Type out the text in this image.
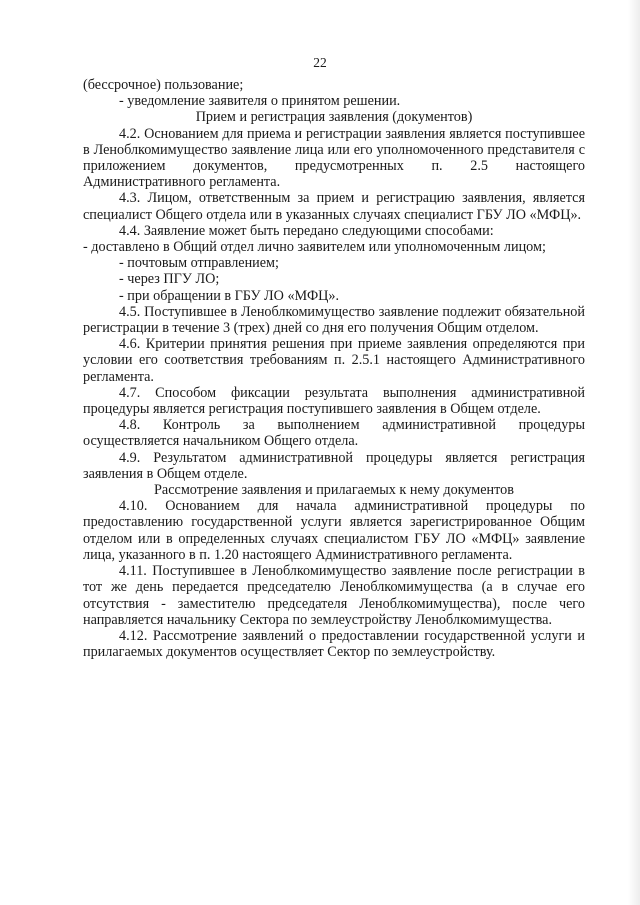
22

(бессрочное) пользование;

- уведомление заявителя о принятом решении.

Прием и регистрация заявления (документов)

4.2. Основанием для приема и регистрации заявления является поступившее в Леноблкомимущество заявление лица или его уполномоченного представителя с приложением документов, предусмотренных п. 2.5 настоящего Административного регламента.

4.3. Лицом, ответственным за прием и регистрацию заявления, является специалист Общего отдела или в указанных случаях специалист ГБУ ЛО «МФЦ».

4.4. Заявление может быть передано следующими способами:

- доставлено в Общий отдел лично заявителем или уполномоченным лицом;

- почтовым отправлением;

- через ПГУ ЛО;

- при обращении в ГБУ ЛО «МФЦ».

4.5. Поступившее в Леноблкомимущество заявление подлежит обязательной регистрации в течение 3 (трех) дней со дня его получения Общим отделом.

4.6. Критерии принятия решения при приеме заявления определяются при условии его соответствия требованиям п. 2.5.1 настоящего Административного регламента.

4.7. Способом фиксации результата выполнения административной процедуры является регистрация поступившего заявления в Общем отделе.

4.8. Контроль за выполнением административной процедуры осуществляется начальником Общего отдела.

4.9. Результатом административной процедуры является регистрация заявления в Общем отделе.

Рассмотрение заявления и прилагаемых к нему документов

4.10. Основанием для начала административной процедуры по предоставлению государственной услуги является зарегистрированное Общим отделом или в определенных случаях специалистом ГБУ ЛО «МФЦ» заявление лица, указанного в п. 1.20 настоящего Административного регламента.

4.11. Поступившее в Леноблкомимущество заявление после регистрации в тот же день передается председателю Леноблкомимущества (а в случае его отсутствия - заместителю председателя Леноблкомимущества), после чего направляется начальнику Сектора по землеустройству Леноблкомимущества.

4.12. Рассмотрение заявлений о предоставлении государственной услуги и прилагаемых документов осуществляет Сектор по землеустройству.
